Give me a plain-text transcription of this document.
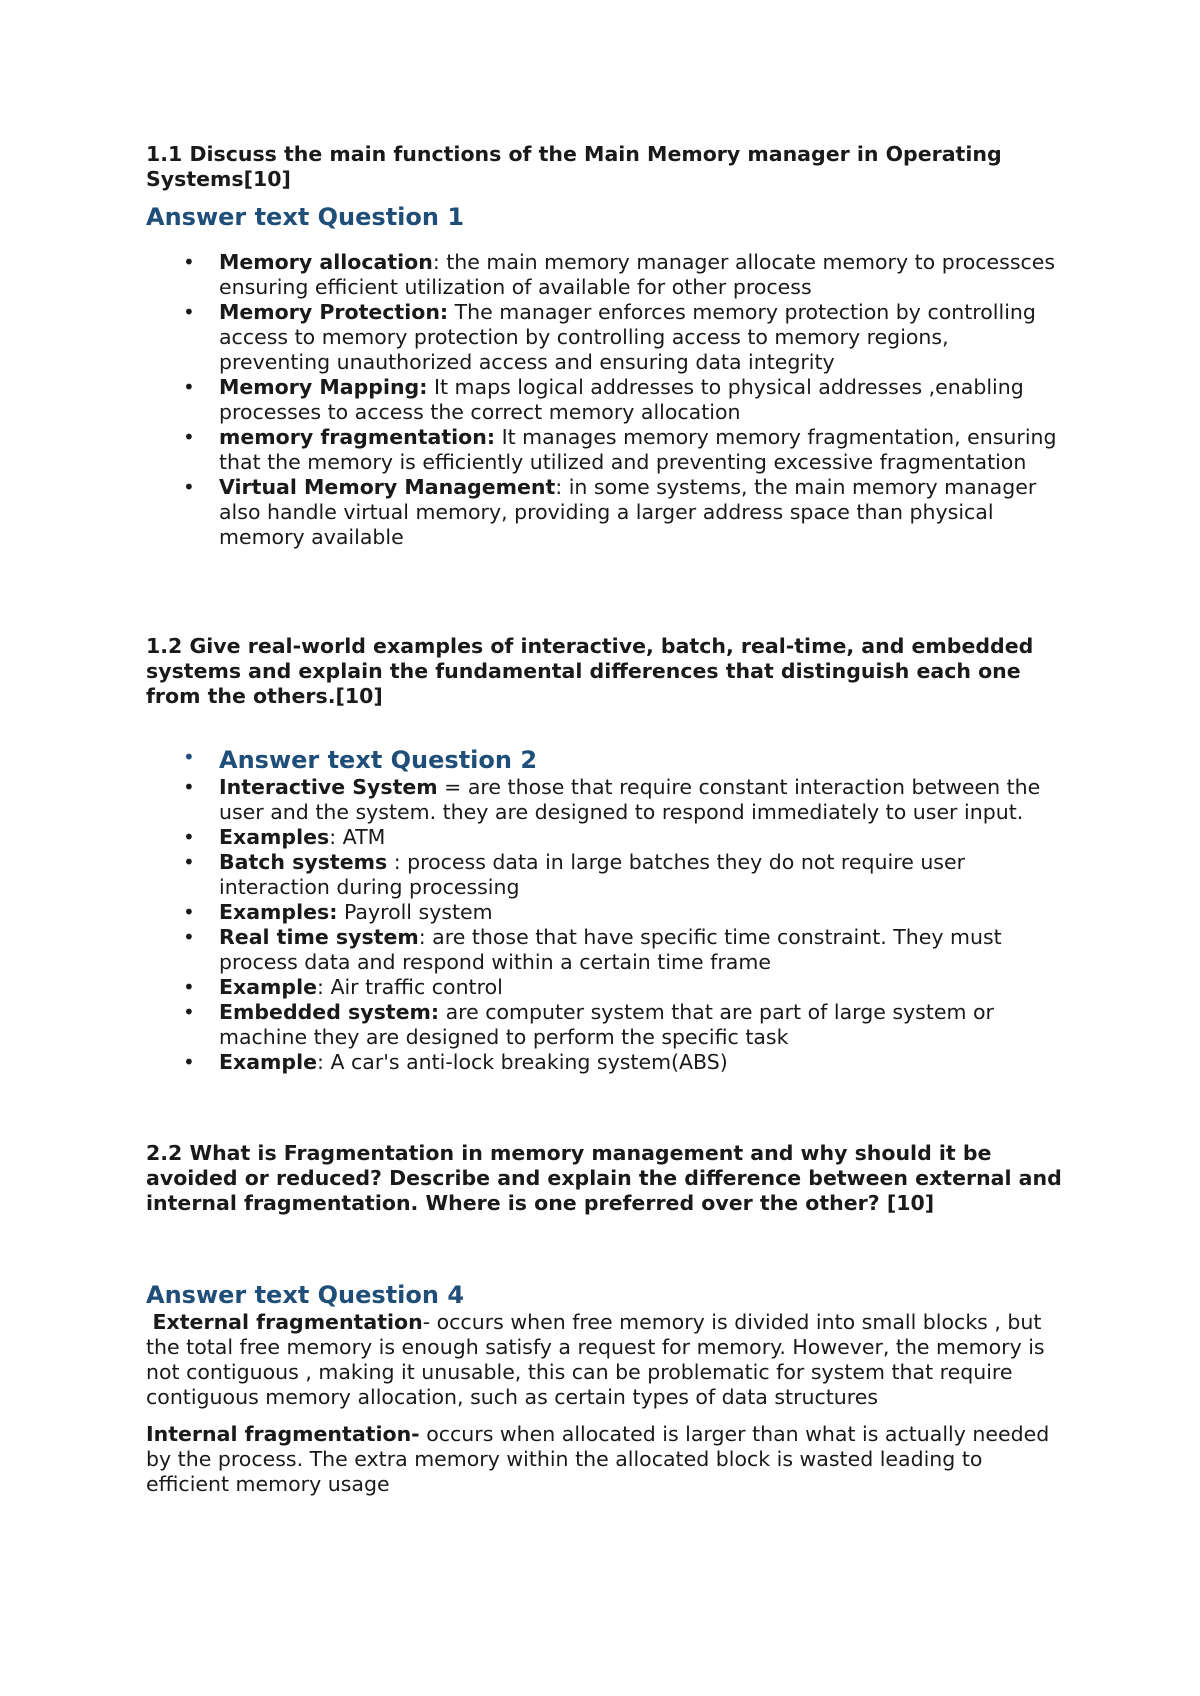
1.1 Discuss the main functions of the Main Memory manager in Operating Systems[10]

Answer text Question 1

• Memory allocation: the main memory manager allocate memory to processces ensuring efficient utilization of available for other process
• Memory Protection: The manager enforces memory protection by controlling access to memory protection by controlling access to memory regions, preventing unauthorized access and ensuring data integrity
• Memory Mapping: It maps logical addresses to physical addresses ,enabling processes to access the correct memory allocation
• memory fragmentation: It manages memory memory fragmentation, ensuring that the memory is efficiently utilized and preventing excessive fragmentation
• Virtual Memory Management: in some systems, the main memory manager also handle virtual memory, providing a larger address space than physical memory available

1.2 Give real-world examples of interactive, batch, real-time, and embedded systems and explain the fundamental differences that distinguish each one from the others.[10]

• Answer text Question 2
• Interactive System = are those that require constant interaction between the user and the system. they are designed to respond immediately to user input.
• Examples: ATM
• Batch systems : process data in large batches they do not require user interaction during processing
• Examples: Payroll system
• Real time system: are those that have specific time constraint. They must process data and respond within a certain time frame
• Example: Air traffic control
• Embedded system: are computer system that are part of large system or machine they are designed to perform the specific task
• Example: A car's anti-lock breaking system(ABS)

2.2 What is Fragmentation in memory management and why should it be avoided or reduced? Describe and explain the difference between external and internal fragmentation. Where is one preferred over the other? [10]

Answer text Question 4

External fragmentation- occurs when free memory is divided into small blocks , but the total free memory is enough satisfy a request for memory. However, the memory is not contiguous , making it unusable, this can be problematic for system that require contiguous memory allocation, such as certain types of data structures

Internal fragmentation- occurs when allocated is larger than what is actually needed by the process. The extra memory within the allocated block is wasted leading to efficient memory usage
